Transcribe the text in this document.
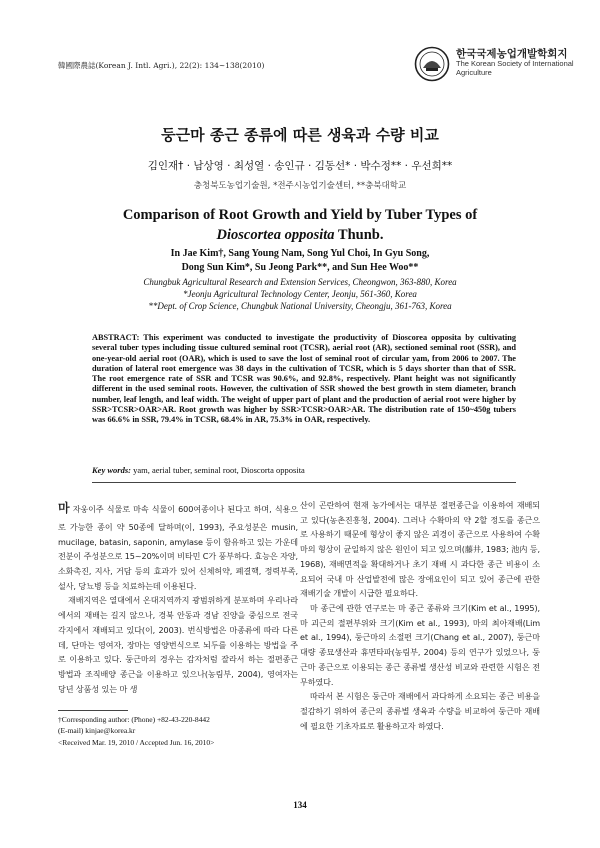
韓國際農誌(Korean J. Intl. Agri.), 22(2): 134~138(2010)
한국국제농업개발학회지
The Korean Society of International
Agriculture
둥근마 종근 종류에 따른 생육과 수량 비교
김인재† · 남상영 · 최성열 · 송인규 · 김동선* · 박수정** · 우선희**
충청북도농업기술원, *전주시농업기술센터, **충북대학교
Comparison of Root Growth and Yield by Tuber Types of
Dioscortea opposita Thunb.
In Jae Kim†, Sang Young Nam, Song Yul Choi, In Gyu Song,
Dong Sun Kim*, Su Jeong Park**, and Sun Hee Woo**
Chungbuk Agricultural Research and Extension Services, Cheongwon, 363-880, Korea
*Jeonju Agricultural Technology Center, Jeonju, 561-360, Korea
**Dept. of Crop Science, Chungbuk National University, Cheongju, 361-763, Korea
ABSTRACT: This experiment was conducted to investigate the productivity of Dioscorea opposita by cultivating several tuber types including tissue cultured seminal root (TCSR), aerial root (AR), sectioned seminal root (SSR), and one-year-old aerial root (OAR), which is used to save the lost of seminal root of circular yam, from 2006 to 2007. The duration of lateral root emergence was 38 days in the cultivation of TCSR, which is 5 days shorter than that of SSR. The root emergence rate of SSR and TCSR was 90.6%, and 92.8%, respectively. Plant height was not significantly different in the used seminal roots. However, the cultivation of SSR showed the best growth in stem diameter, branch number, leaf length, and leaf width. The weight of upper part of plant and the production of aerial root were higher by SSR>TCSR>OAR>AR. Root growth was higher by SSR>TCSR>OAR>AR. The distribution rate of 150~450g tubers was 66.6% in SSR, 79.4% in TCSR, 68.4% in AR, 75.3% in OAR, respectively.
Key words: yam, aerial tuber, seminal root, Dioscorta opposita

마 자웅이주 식물로 마속 식물이 600여종이나 된다고 하며, 식용으로 가능한 종이 약 50종에 달하며(이, 1993), 주요성분은 musin, mucilage, batasin, saponin, amylase 등이 함유하고 있는 가운데 전분이 주성분으로 15~20%이며 비타민 C가 풍부하다. 효능은 자양, 소화촉진, 지사, 거담 등의 효과가 있어 신체허약, 폐결핵, 정력부족, 설사, 당뇨병 등을 치료하는데 이용된다.

재배지역은 열대에서 온대지역까지 광범위하게 분포하며 우리나라에서의 재배는 길지 않으나, 경북 안동과 경남 진양을 중심으로 전국 각지에서 재배되고 있다(이, 2003). 번식방법은 마종류에 따라 다른데, 단마는 영여자, 장마는 영양번식으로 뇌두를 이용하는 방법을 주로 이용하고 있다. 둥근마의 경우는 감자처럼 잘라서 하는 절편종근 방법과 조직배양 종근을 이용하고 있으나(농림부, 2004), 영여자는 당년 상품성 있는 마 생

산이 곤란하여 현재 농가에서는 대부분 절편종근을 이용하여 재배되고 있다(농촌진흥청, 2004). 그러나 수확마의 약 2할 정도를 종근으로 사용하기 때문에 형상이 좋지 않은 괴경이 종근으로 사용하여 수확마의 형상이 균일하지 않은 원인이 되고 있으며(藤井, 1983; 池内 등, 1968), 재배면적을 확대하거나 초기 재배 시 과다한 종근 비용이 소요되어 국내 마 산업발전에 많은 장애요인이 되고 있어 종근에 관한 재배기술 개발이 시급한 필요하다.

마 종근에 관한 연구로는 마 종근 종류와 크기(Kim et al., 1995), 마 괴근의 절편부위와 크기(Kim et al., 1993), 마의 최아재배(Lim et al., 1994), 둥근마의 소절편 크기(Chang et al., 2007), 둥근마 대량 종묘생산과 휴면타파(농림부, 2004) 등의 연구가 있었으나, 둥근마 종근으로 이용되는 종근 종류별 생산성 비교와 관련한 시험은 전무하였다.

따라서 본 시험은 둥근마 재배에서 과다하게 소요되는 종근 비용을 절감하기 위하여 종근의 종류별 생육과 수량을 비교하여 둥근마 재배에 필요한 기초자료로 활용하고자 하였다.

†Corresponding author: (Phone) +82-43-220-8442
(E-mail) kinjae@korea.kr
<Received Mar. 19, 2010 / Accepted Jun. 16, 2010>
134
